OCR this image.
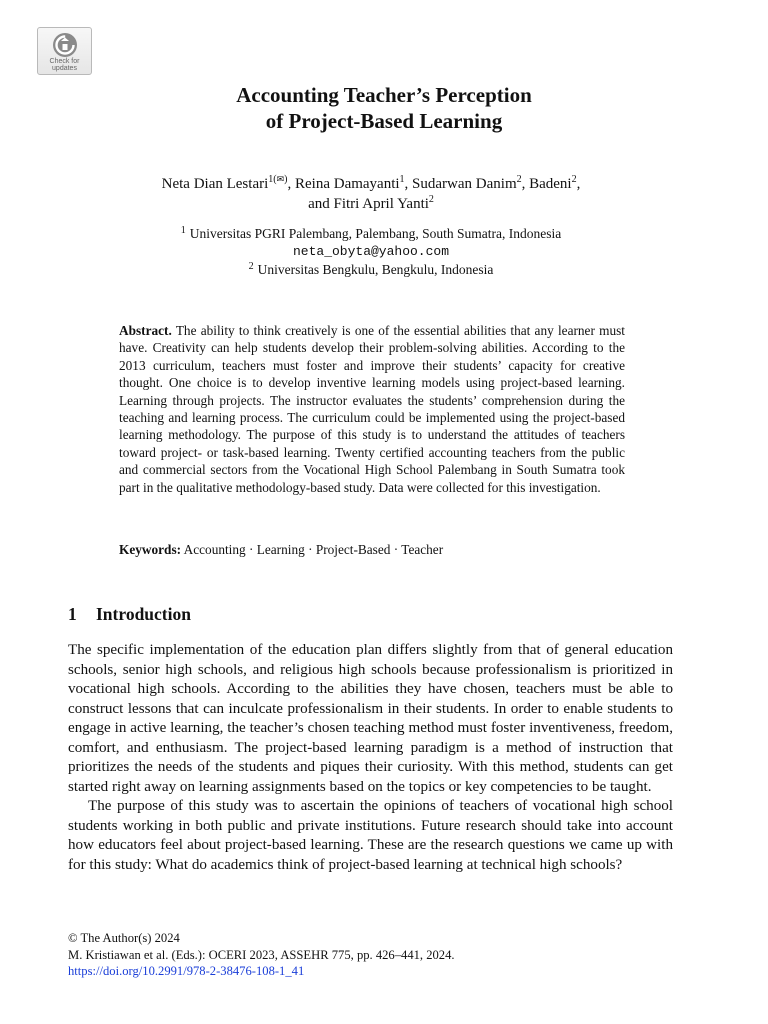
Check for
updates
Accounting Teacher’s Perception
of Project-Based Learning
Neta Dian Lestari$^{1(✉)}$, Reina Damayanti$^1$, Sudarwan Danim$^2$, Badeni$^2$,
and Fitri April Yanti$^2$
$^1$ Universitas PGRI Palembang, Palembang, South Sumatra, Indonesia
neta_obyta@yahoo.com
$^2$ Universitas Bengkulu, Bengkulu, Indonesia

Abstract. The ability to think creatively is one of the essential abilities that any learner must have. Creativity can help students develop their problem-solving abilities. According to the 2013 curriculum, teachers must foster and improve their students’ capacity for creative thought. One choice is to develop inventive learning models using project-based learning. Learning through projects. The instructor evaluates the students’ comprehension during the teaching and learning process. The curriculum could be implemented using the project-based learning methodology. The purpose of this study is to understand the attitudes of teachers toward project- or task-based learning. Twenty certified accounting teachers from the public and commercial sectors from the Vocational High School Palembang in South Sumatra took part in the qualitative methodology-based study. Data were collected for this investigation.

Keywords: Accounting · Learning · Project-Based · Teacher

1 Introduction

The specific implementation of the education plan differs slightly from that of general education schools, senior high schools, and religious high schools because professionalism is prioritized in vocational high schools. According to the abilities they have chosen, teachers must be able to construct lessons that can inculcate professionalism in their students. In order to enable students to engage in active learning, the teacher’s chosen teaching method must foster inventiveness, freedom, comfort, and enthusiasm. The project-based learning paradigm is a method of instruction that prioritizes the needs of the students and piques their curiosity. With this method, students can get started right away on learning assignments based on the topics or key competencies to be taught.

The purpose of this study was to ascertain the opinions of teachers of vocational high school students working in both public and private institutions. Future research should take into account how educators feel about project-based learning. These are the research questions we came up with for this study: What do academics think of project-based learning at technical high schools?

© The Author(s) 2024
M. Kristiawan et al. (Eds.): OCERI 2023, ASSEHR 775, pp. 426–441, 2024.
https://doi.org/10.2991/978-2-38476-108-1_41
